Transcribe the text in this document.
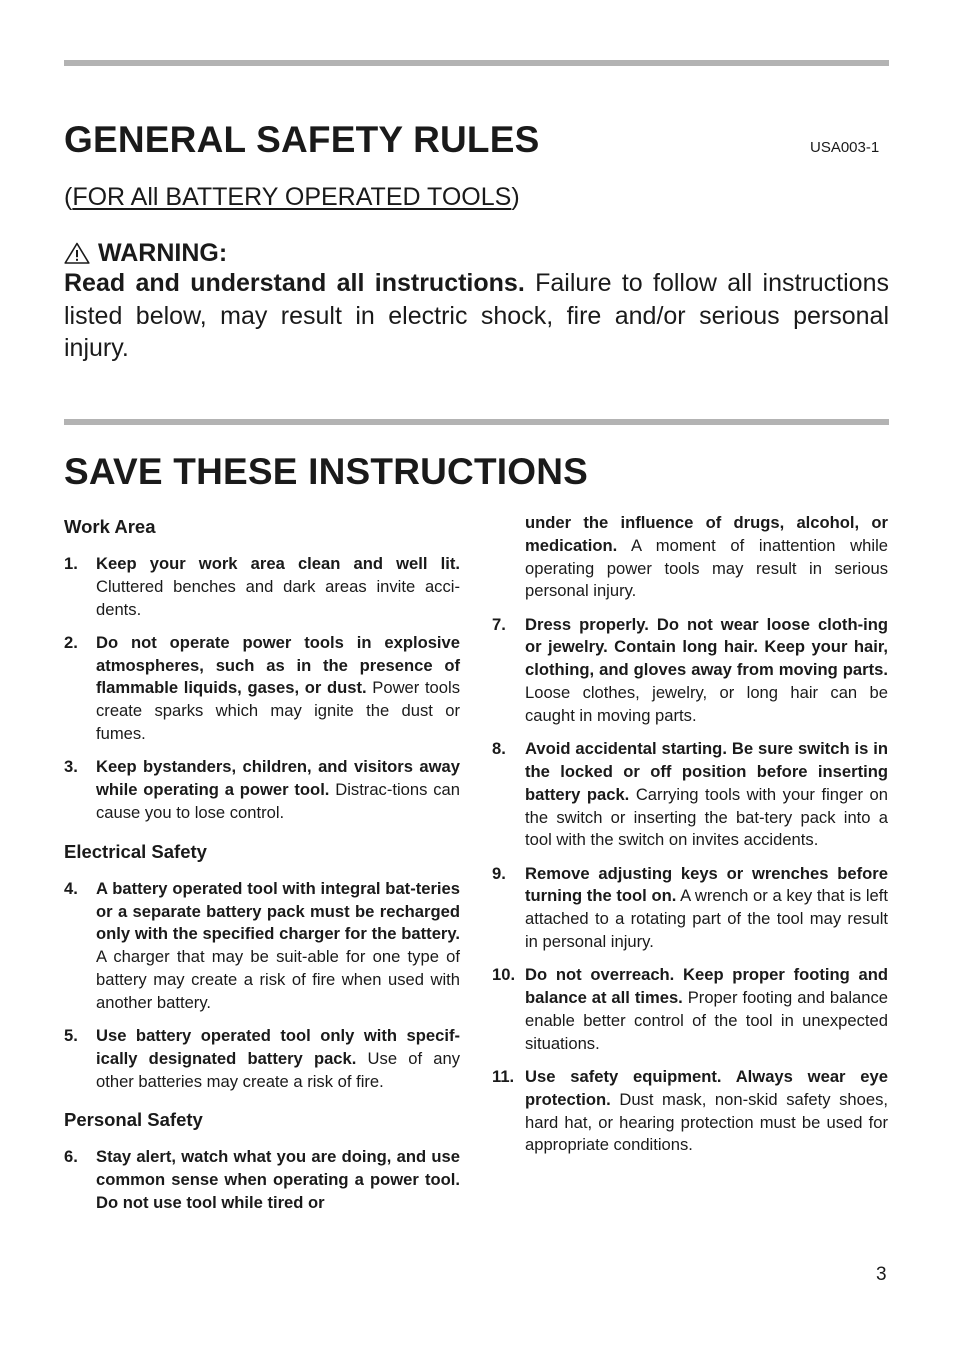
GENERAL SAFETY RULES	USA003-1
(FOR All BATTERY OPERATED TOOLS)
WARNING:

Read and understand all instructions. Failure to follow all instructions listed below, may result in electric shock, fire and/or serious personal injury.

SAVE THESE INSTRUCTIONS
Work Area
1. Keep your work area clean and well lit. Cluttered benches and dark areas invite acci-dents.
2. Do not operate power tools in explosive atmospheres, such as in the presence of flammable liquids, gases, or dust. Power tools create sparks which may ignite the dust or fumes.
3. Keep bystanders, children, and visitors away while operating a power tool. Distrac-tions can cause you to lose control.
Electrical Safety
4. A battery operated tool with integral bat-teries or a separate battery pack must be recharged only with the specified charger for the battery. A charger that may be suit-able for one type of battery may create a risk of fire when used with another battery.
5. Use battery operated tool only with specif-ically designated battery pack. Use of any other batteries may create a risk of fire.
Personal Safety
6. Stay alert, watch what you are doing, and use common sense when operating a power tool. Do not use tool while tired or
under the influence of drugs, alcohol, or medication. A moment of inattention while operating power tools may result in serious personal injury.
7. Dress properly. Do not wear loose cloth-ing or jewelry. Contain long hair. Keep your hair, clothing, and gloves away from moving parts. Loose clothes, jewelry, or long hair can be caught in moving parts.
8. Avoid accidental starting. Be sure switch is in the locked or off position before inserting battery pack. Carrying tools with your finger on the switch or inserting the bat-tery pack into a tool with the switch on invites accidents.
9. Remove adjusting keys or wrenches before turning the tool on. A wrench or a key that is left attached to a rotating part of the tool may result in personal injury.
10. Do not overreach. Keep proper footing and balance at all times. Proper footing and balance enable better control of the tool in unexpected situations.
11. Use safety equipment. Always wear eye protection. Dust mask, non-skid safety shoes, hard hat, or hearing protection must be used for appropriate conditions.
3
